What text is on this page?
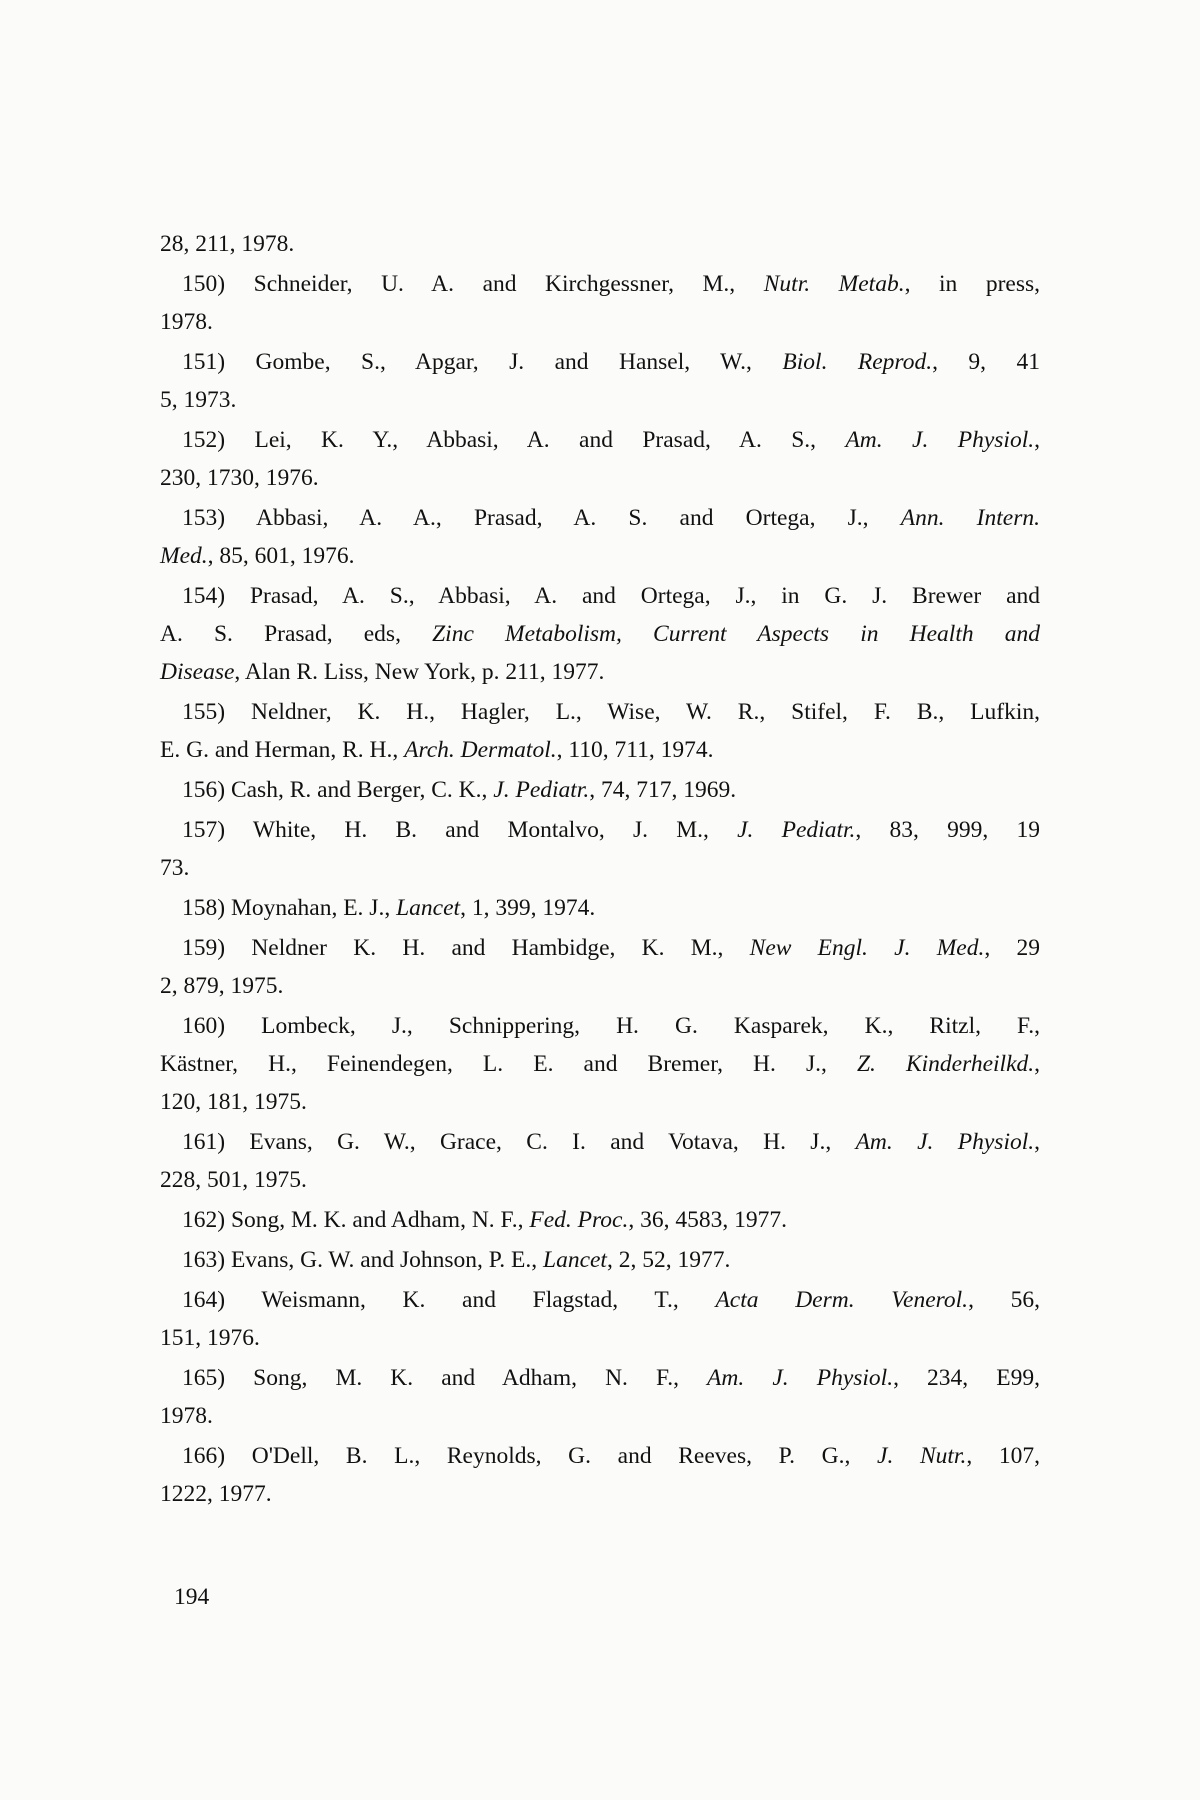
28, 211, 1978.

150) Schneider, U. A. and Kirchgessner, M., Nutr. Metab., in press,
1978.

151) Gombe, S., Apgar, J. and Hansel, W., Biol. Reprod., 9, 41
5, 1973.

152) Lei, K. Y., Abbasi, A. and Prasad, A. S., Am. J. Physiol.,
230, 1730, 1976.

153) Abbasi, A. A., Prasad, A. S. and Ortega, J., Ann. Intern.
Med., 85, 601, 1976.

154) Prasad, A. S., Abbasi, A. and Ortega, J., in G. J. Brewer and
A. S. Prasad, eds, Zinc Metabolism, Current Aspects in Health and
Disease, Alan R. Liss, New York, p. 211, 1977.

155) Neldner, K. H., Hagler, L., Wise, W. R., Stifel, F. B., Lufkin,
E. G. and Herman, R. H., Arch. Dermatol., 110, 711, 1974.

156) Cash, R. and Berger, C. K., J. Pediatr., 74, 717, 1969.

157) White, H. B. and Montalvo, J. M., J. Pediatr., 83, 999, 19
73.

158) Moynahan, E. J., Lancet, 1, 399, 1974.

159) Neldner K. H. and Hambidge, K. M., New Engl. J. Med., 29
2, 879, 1975.

160) Lombeck, J., Schnippering, H. G. Kasparek, K., Ritzl, F.,
Kästner, H., Feinendegen, L. E. and Bremer, H. J., Z. Kinderheilkd.,
120, 181, 1975.

161) Evans, G. W., Grace, C. I. and Votava, H. J., Am. J. Physiol.,
228, 501, 1975.

162) Song, M. K. and Adham, N. F., Fed. Proc., 36, 4583, 1977.

163) Evans, G. W. and Johnson, P. E., Lancet, 2, 52, 1977.

164) Weismann, K. and Flagstad, T., Acta Derm. Venerol., 56,
151, 1976.

165) Song, M. K. and Adham, N. F., Am. J. Physiol., 234, E99,
1978.

166) O'Dell, B. L., Reynolds, G. and Reeves, P. G., J. Nutr., 107,
1222, 1977.

194
